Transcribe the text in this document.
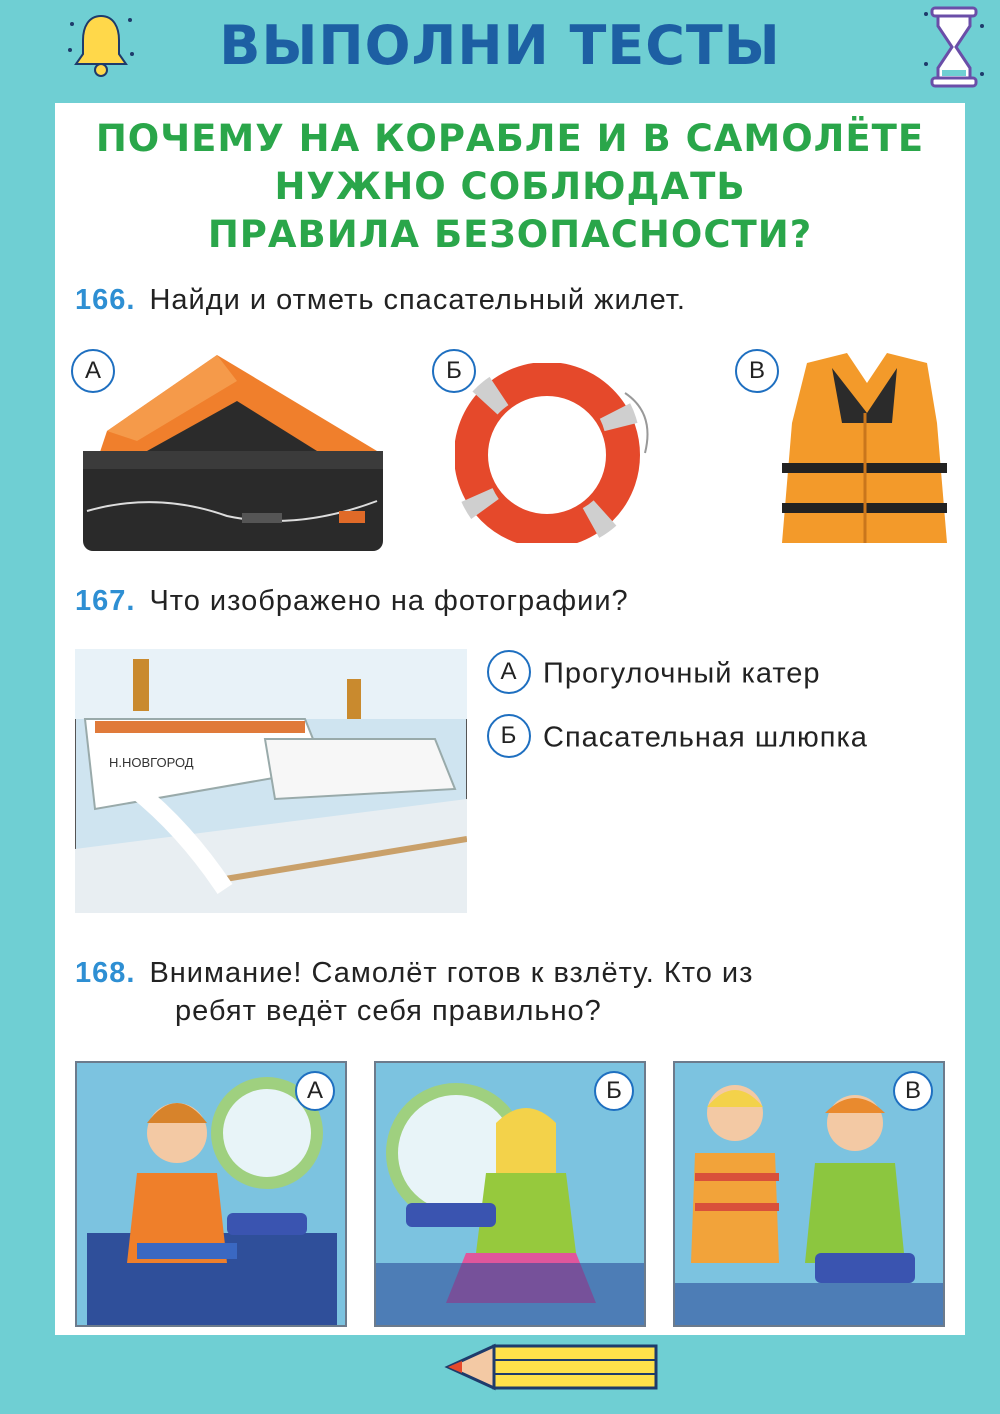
ВЫПОЛНИ ТЕСТЫ
ПОЧЕМУ НА КОРАБЛЕ И В САМОЛЁТЕ
НУЖНО СОБЛЮДАТЬ
ПРАВИЛА БЕЗОПАСНОСТИ?
166. Найди и отметь спасательный жилет.
А	Б	В
167. Что изображено на фотографии?
Н.НОВГОРОД
1
А Прогулочный катер
Б Спасательная шлюпка
168. Внимание! Самолёт готов к взлёту. Кто из
ребят ведёт себя правильно?
А	Б	В
